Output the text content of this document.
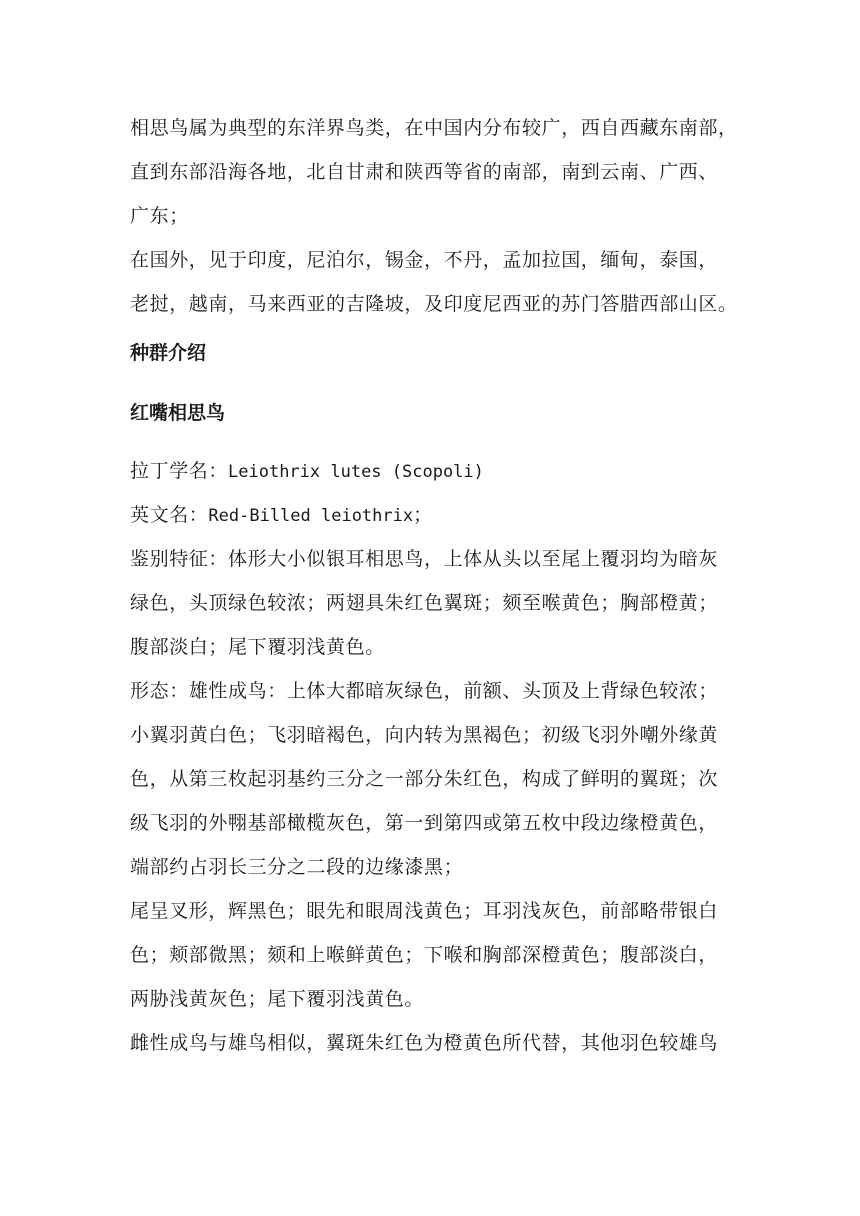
相思鸟属为典型的东洋界鸟类，在中国内分布较广，西自西藏东南部，
直到东部沿海各地，北自甘肃和陕西等省的南部，南到云南、广西、
广东；
在国外，见于印度，尼泊尔，锡金，不丹，孟加拉国，缅甸，泰国，
老挝，越南，马来西亚的吉隆坡，及印度尼西亚的苏门答腊西部山区。
种群介绍
红嘴相思鸟
拉丁学名：Leiothrix lutes (Scopoli)
英文名：Red-Billed leiothrix；
鉴别特征：体形大小似银耳相思鸟，上体从头以至尾上覆羽均为暗灰
绿色，头顶绿色较浓；两翅具朱红色翼斑；颏至喉黄色；胸部橙黄；
腹部淡白；尾下覆羽浅黄色。
形态：雄性成鸟：上体大都暗灰绿色，前额、头顶及上背绿色较浓；
小翼羽黄白色；飞羽暗褐色，向内转为黑褐色；初级飞羽外嘲外缘黄
色，从第三枚起羽基约三分之一部分朱红色，构成了鲜明的翼斑；次
级飞羽的外翈基部橄榄灰色，第一到第四或第五枚中段边缘橙黄色，
端部约占羽长三分之二段的边缘漆黑；
尾呈叉形，辉黑色；眼先和眼周浅黄色；耳羽浅灰色，前部略带银白
色；颊部微黑；颏和上喉鲜黄色；下喉和胸部深橙黄色；腹部淡白，
两胁浅黄灰色；尾下覆羽浅黄色。
雌性成鸟与雄鸟相似，翼斑朱红色为橙黄色所代替，其他羽色较雄鸟
